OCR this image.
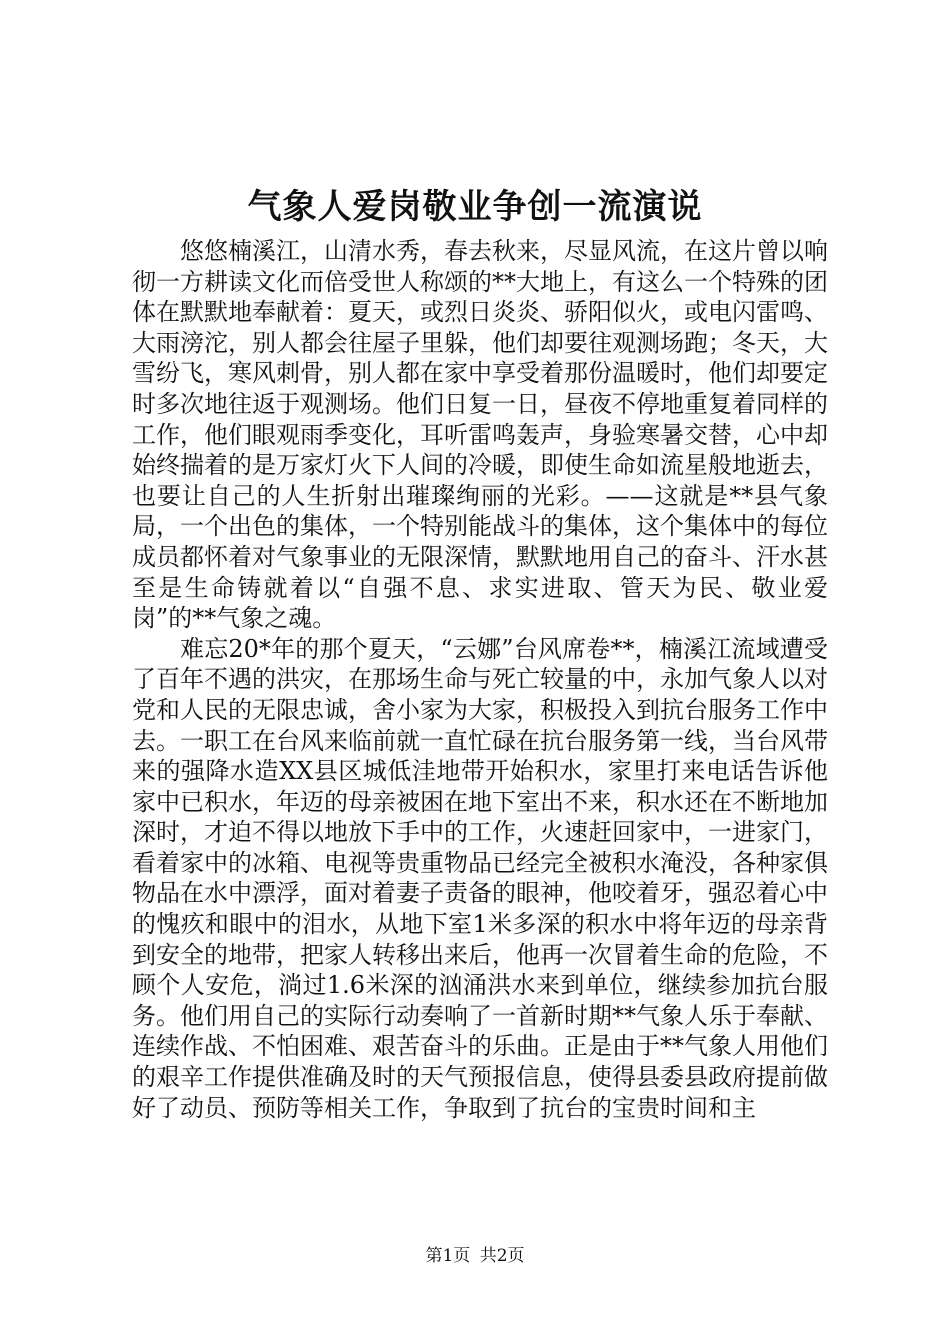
气象人爱岗敬业争创一流演说

悠悠楠溪江，山清水秀，春去秋来，尽显风流，在这片曾以响彻一方耕读文化而倍受世人称颂的**大地上，有这么一个特殊的团体在默默地奉献着：夏天，或烈日炎炎、骄阳似火，或电闪雷鸣、大雨滂沱，别人都会往屋子里躲，他们却要往观测场跑；冬天，大雪纷飞，寒风刺骨，别人都在家中享受着那份温暖时，他们却要定时多次地往返于观测场。他们日复一日，昼夜不停地重复着同样的工作，他们眼观雨季变化，耳听雷鸣轰声，身验寒暑交替，心中却始终揣着的是万家灯火下人间的冷暖，即使生命如流星般地逝去，也要让自己的人生折射出璀璨绚丽的光彩。——这就是**县气象局，一个出色的集体，一个特别能战斗的集体，这个集体中的每位成员都怀着对气象事业的无限深情，默默地用自己的奋斗、汗水甚至是生命铸就着以“自强不息、求实进取、管天为民、敬业爱岗”的**气象之魂。

难忘20*年的那个夏天，“云娜”台风席卷**，楠溪江流域遭受了百年不遇的洪灾，在那场生命与死亡较量的中，永加气象人以对党和人民的无限忠诚，舍小家为大家，积极投入到抗台服务工作中去。一职工在台风来临前就一直忙碌在抗台服务第一线，当台风带来的强降水造XX县区城低洼地带开始积水，家里打来电话告诉他家中已积水，年迈的母亲被困在地下室出不来，积水还在不断地加深时，才迫不得以地放下手中的工作，火速赶回家中，一进家门，看着家中的冰箱、电视等贵重物品已经完全被积水淹没，各种家俱物品在水中漂浮，面对着妻子责备的眼神，他咬着牙，强忍着心中的愧疚和眼中的泪水，从地下室1米多深的积水中将年迈的母亲背到安全的地带，把家人转移出来后，他再一次冒着生命的危险，不顾个人安危，淌过1.6米深的汹涌洪水来到单位，继续参加抗台服务。他们用自己的实际行动奏响了一首新时期**气象人乐于奉献、连续作战、不怕困难、艰苦奋斗的乐曲。正是由于**气象人用他们的艰辛工作提供准确及时的天气预报信息，使得县委县政府提前做好了动员、预防等相关工作，争取到了抗台的宝贵时间和主

第1页 共2页
